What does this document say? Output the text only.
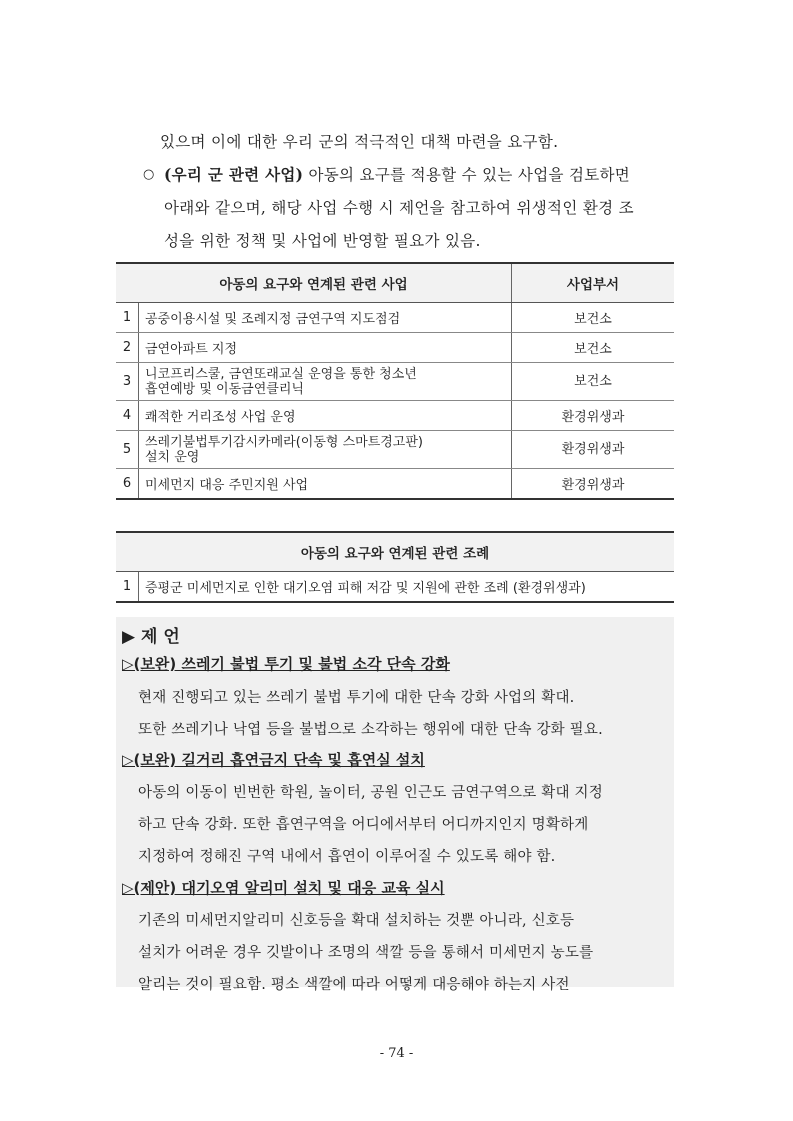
있으며 이에 대한 우리 군의 적극적인 대책 마련을 요구함.
○ (우리 군 관련 사업) 아동의 요구를 적용할 수 있는 사업을 검토하면
아래와 같으며, 해당 사업 수행 시 제언을 참고하여 위생적인 환경 조
성을 위한 정책 및 사업에 반영할 필요가 있음.
아동의 요구와 연계된 관련 사업		사업부서
1	공중이용시설 및 조례지정 금연구역 지도점검	보건소
2	금연아파트 지정	보건소
3	니코프리스쿨, 금연또래교실 운영을 통한 청소년
흡연예방 및 이동금연클리닉	보건소
4	쾌적한 거리조성 사업 운영	환경위생과
5	쓰레기불법투기감시카메라(이동형 스마트경고판)
설치 운영	환경위생과
6	미세먼지 대응 주민지원 사업	환경위생과
아동의 요구와 연계된 관련 조례
1	증평군 미세먼지로 인한 대기오염 피해 저감 및 지원에 관한 조례 (환경위생과)
▶ 제 언
▷(보완) 쓰레기 불법 투기 및 불법 소각 단속 강화
현재 진행되고 있는 쓰레기 불법 투기에 대한 단속 강화 사업의 확대.
또한 쓰레기나 낙엽 등을 불법으로 소각하는 행위에 대한 단속 강화 필요.
▷(보완) 길거리 흡연금지 단속 및 흡연실 설치
아동의 이동이 빈번한 학원, 놀이터, 공원 인근도 금연구역으로 확대 지정
하고 단속 강화. 또한 흡연구역을 어디에서부터 어디까지인지 명확하게
지정하여 정해진 구역 내에서 흡연이 이루어질 수 있도록 해야 함.
▷(제안) 대기오염 알리미 설치 및 대응 교육 실시
기존의 미세먼지알리미 신호등을 확대 설치하는 것뿐 아니라, 신호등
설치가 어려운 경우 깃발이나 조명의 색깔 등을 통해서 미세먼지 농도를
알리는 것이 필요함. 평소 색깔에 따라 어떻게 대응해야 하는지 사전
- 74 -
